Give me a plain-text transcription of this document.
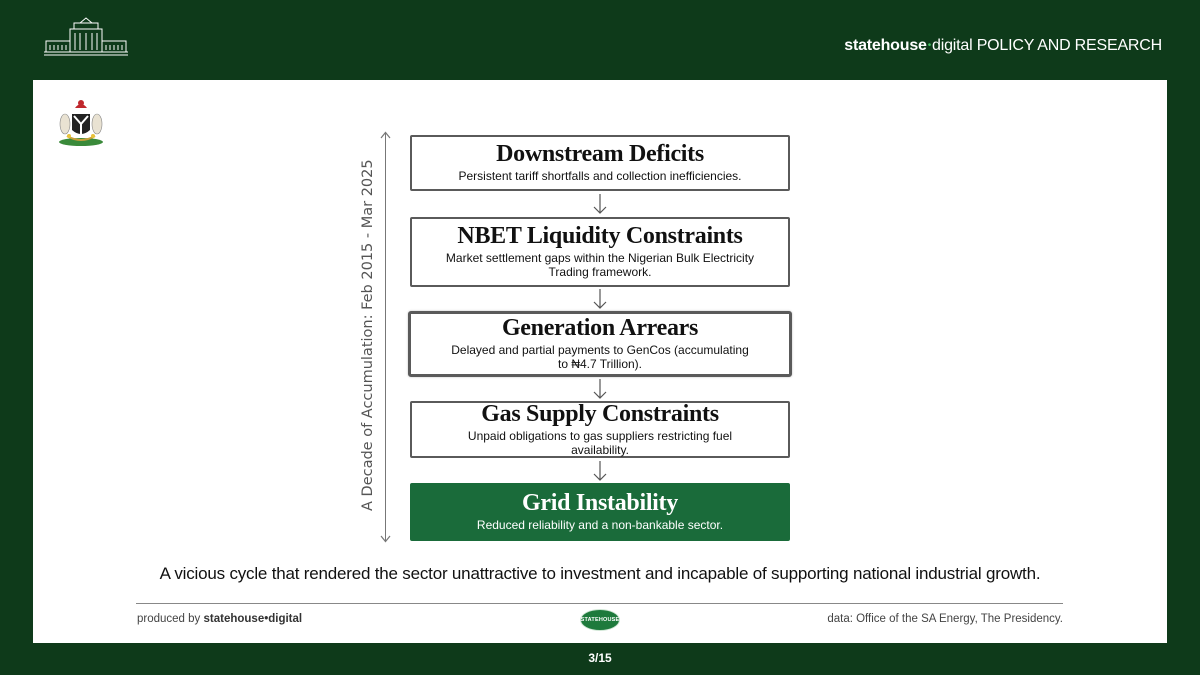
statehouse•digital POLICY AND RESEARCH
A Decade of Accumulation: Feb 2015 - Mar 2025
Downstream Deficits
Persistent tariff shortfalls and collection inefficiencies.
NBET Liquidity Constraints
Market settlement gaps within the Nigerian Bulk Electricity Trading framework.
Generation Arrears
Delayed and partial payments to GenCos (accumulating to ₦4.7 Trillion).
Gas Supply Constraints
Unpaid obligations to gas suppliers restricting fuel availability.
Grid Instability
Reduced reliability and a non-bankable sector.
A vicious cycle that rendered the sector unattractive to investment and incapable of supporting national industrial growth.
produced by statehouse•digital	STATEHOUSE	data: Office of the SA Energy, The Presidency.
3/15
